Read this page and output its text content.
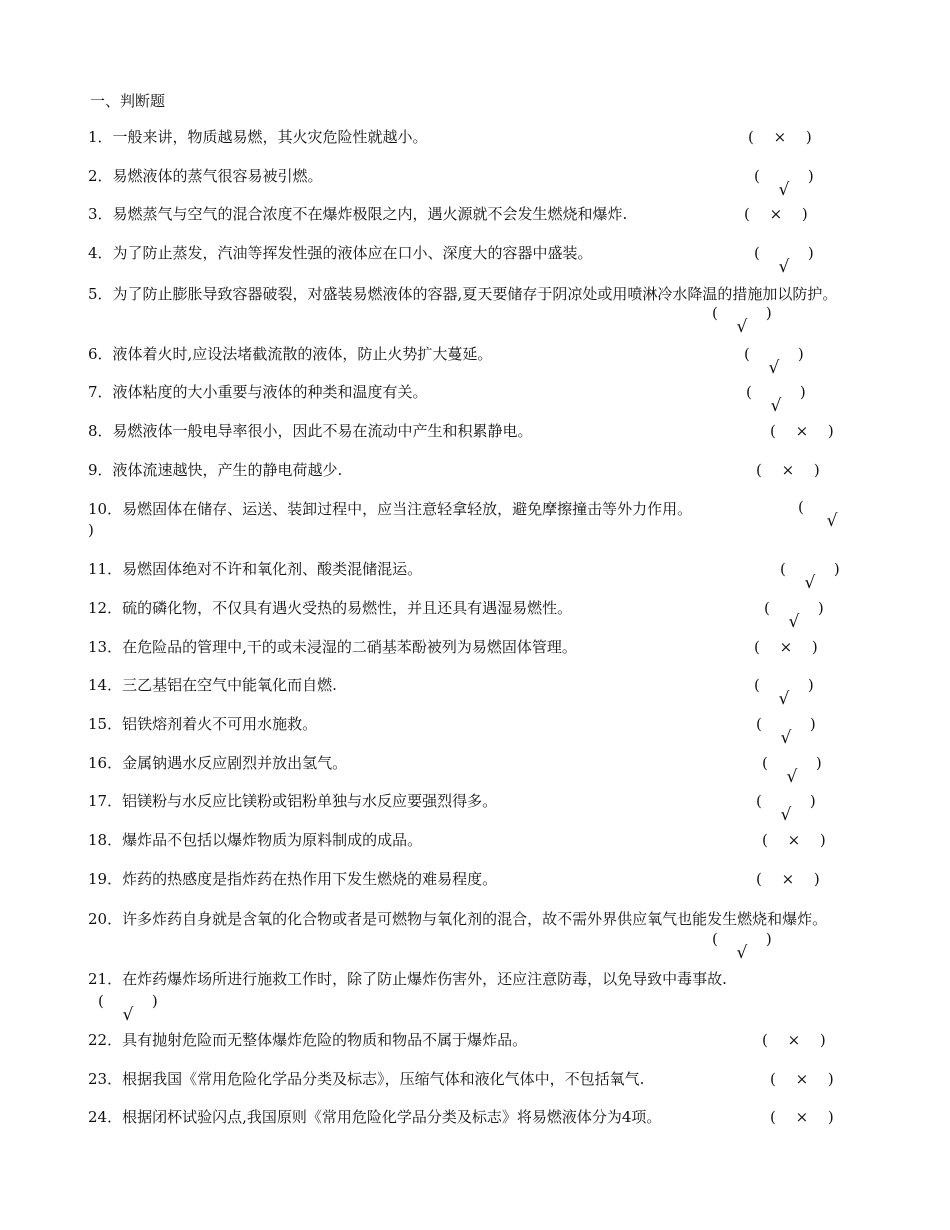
一、判断题
1．一般来讲，物质越易燃，其火灾危险性就越小。	( × )
2．易燃液体的蒸气很容易被引燃。	(√)
3．易燃蒸气与空气的混合浓度不在爆炸极限之内，遇火源就不会发生燃烧和爆炸.	( × )
4．为了防止蒸发，汽油等挥发性强的液体应在口小、深度大的容器中盛装。	(√)
5．为了防止膨胀导致容器破裂，对盛装易燃液体的容器,夏天要储存于阴凉处或用喷淋冷水降温的措施加以防护。
(√)
6．液体着火时,应设法堵截流散的液体，防止火势扩大蔓延。	(√)
7．液体粘度的大小重要与液体的种类和温度有关。	(√)
8．易燃液体一般电导率很小，因此不易在流动中产生和积累静电。	( × )
9．液体流速越快，产生的静电荷越少.	( × )
10．易燃固体在储存、运送、装卸过程中，应当注意轻拿轻放，避免摩擦撞击等外力作用。	(
√
)
11．易燃固体绝对不许和氧化剂、酸类混储混运。	(√)
12．硫的磷化物，不仅具有遇火受热的易燃性，并且还具有遇湿易燃性。	(√)
13．在危险品的管理中,干的或未浸湿的二硝基苯酚被列为易燃固体管理。	( × )
14．三乙基铝在空气中能氧化而自燃.	(√)
15．铝铁熔剂着火不可用水施救。	(√)
16．金属钠遇水反应剧烈并放出氢气。	(√)
17．铝镁粉与水反应比镁粉或铝粉单独与水反应要强烈得多。	(√)
18．爆炸品不包括以爆炸物质为原料制成的成品。	( × )
19．炸药的热感度是指炸药在热作用下发生燃烧的难易程度。	( × )
20．许多炸药自身就是含氧的化合物或者是可燃物与氧化剂的混合，故不需外界供应氧气也能发生燃烧和爆炸。
(√)
21．在炸药爆炸场所进行施救工作时，除了防止爆炸伤害外，还应注意防毒，以免导致中毒事故.
(√)
22．具有抛射危险而无整体爆炸危险的物质和物品不属于爆炸品。	( × )
23．根据我国《常用危险化学品分类及标志》，压缩气体和液化气体中，不包括氧气.	( × )
24．根据闭杯试验闪点,我国原则《常用危险化学品分类及标志》将易燃液体分为4项。	( × )
